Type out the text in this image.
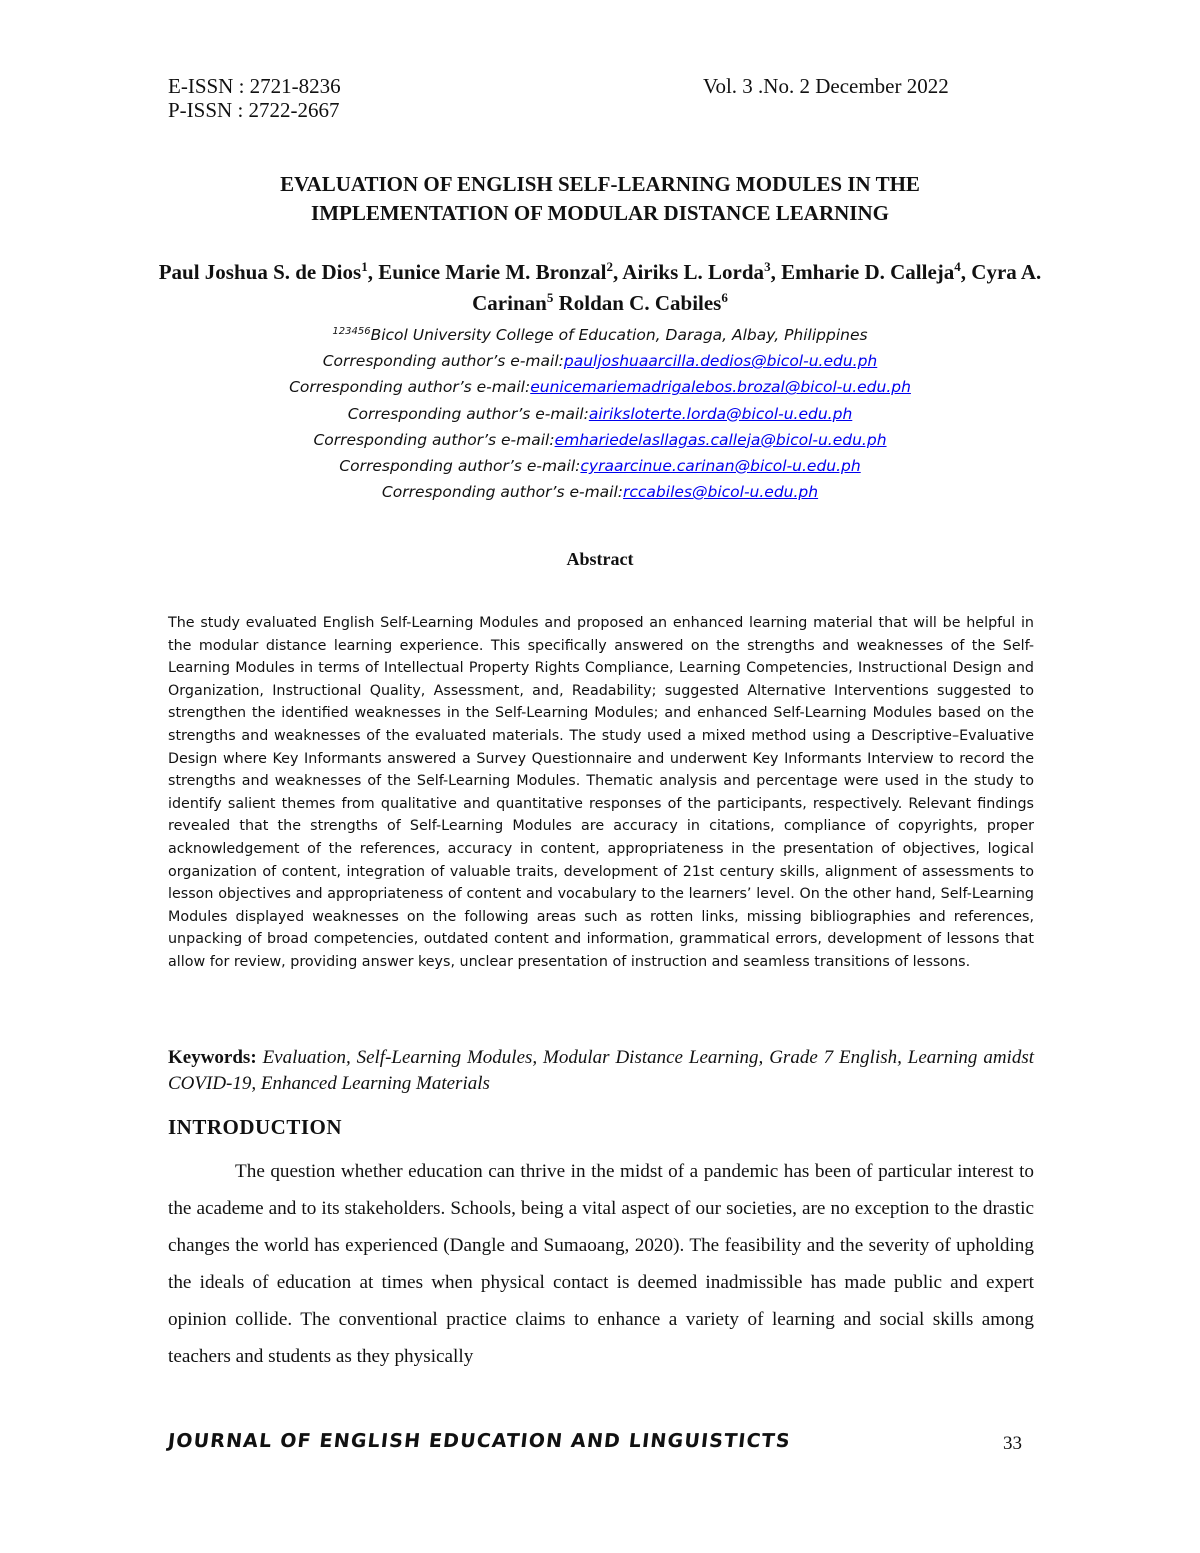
E-ISSN : 2721-8236
P-ISSN : 2722-2667
Vol. 3 .No. 2 December 2022
EVALUATION OF ENGLISH SELF-LEARNING MODULES IN THE
IMPLEMENTATION OF MODULAR DISTANCE LEARNING
Paul Joshua S. de Dios$^1$, Eunice Marie M. Bronzal$^2$, Airiks L. Lorda$^3$, Emharie D. Calleja$^4$, Cyra A. Carinan$^5$ Roldan C. Cabiles$^6$
$^{123456}$Bicol University College of Education, Daraga, Albay, Philippines
Corresponding author’s e-mail:pauljoshuaarcilla.dedios@bicol-u.edu.ph
Corresponding author’s e-mail:eunicemariemadrigalebos.brozal@bicol-u.edu.ph
Corresponding author’s e-mail:airiksloterte.lorda@bicol-u.edu.ph
Corresponding author’s e-mail:emhariedelasllagas.calleja@bicol-u.edu.ph
Corresponding author’s e-mail:cyraarcinue.carinan@bicol-u.edu.ph
Corresponding author’s e-mail:rccabiles@bicol-u.edu.ph
Abstract
The study evaluated English Self-Learning Modules and proposed an enhanced learning material that will be helpful in the modular distance learning experience. This specifically answered on the strengths and weaknesses of the Self-Learning Modules in terms of Intellectual Property Rights Compliance, Learning Competencies, Instructional Design and Organization, Instructional Quality, Assessment, and, Readability; suggested Alternative Interventions suggested to strengthen the identified weaknesses in the Self-Learning Modules; and enhanced Self-Learning Modules based on the strengths and weaknesses of the evaluated materials. The study used a mixed method using a Descriptive–Evaluative Design where Key Informants answered a Survey Questionnaire and underwent Key Informants Interview to record the strengths and weaknesses of the Self-Learning Modules. Thematic analysis and percentage were used in the study to identify salient themes from qualitative and quantitative responses of the participants, respectively. Relevant findings revealed that the strengths of Self-Learning Modules are accuracy in citations, compliance of copyrights, proper acknowledgement of the references, accuracy in content, appropriateness in the presentation of objectives, logical organization of content, integration of valuable traits, development of 21st century skills, alignment of assessments to lesson objectives and appropriateness of content and vocabulary to the learners’ level. On the other hand, Self-Learning Modules displayed weaknesses on the following areas such as rotten links, missing bibliographies and references, unpacking of broad competencies, outdated content and information, grammatical errors, development of lessons that allow for review, providing answer keys, unclear presentation of instruction and seamless transitions of lessons.
Keywords: Evaluation, Self-Learning Modules, Modular Distance Learning, Grade 7 English, Learning amidst COVID-19, Enhanced Learning Materials
INTRODUCTION
The question whether education can thrive in the midst of a pandemic has been of particular interest to the academe and to its stakeholders. Schools, being a vital aspect of our societies, are no exception to the drastic changes the world has experienced (Dangle and Sumaoang, 2020). The feasibility and the severity of upholding the ideals of education at times when physical contact is deemed inadmissible has made public and expert opinion collide. The conventional practice claims to enhance a variety of learning and social skills among teachers and students as they physically
JOURNAL OF ENGLISH EDUCATION AND LINGUISTICTS	33
